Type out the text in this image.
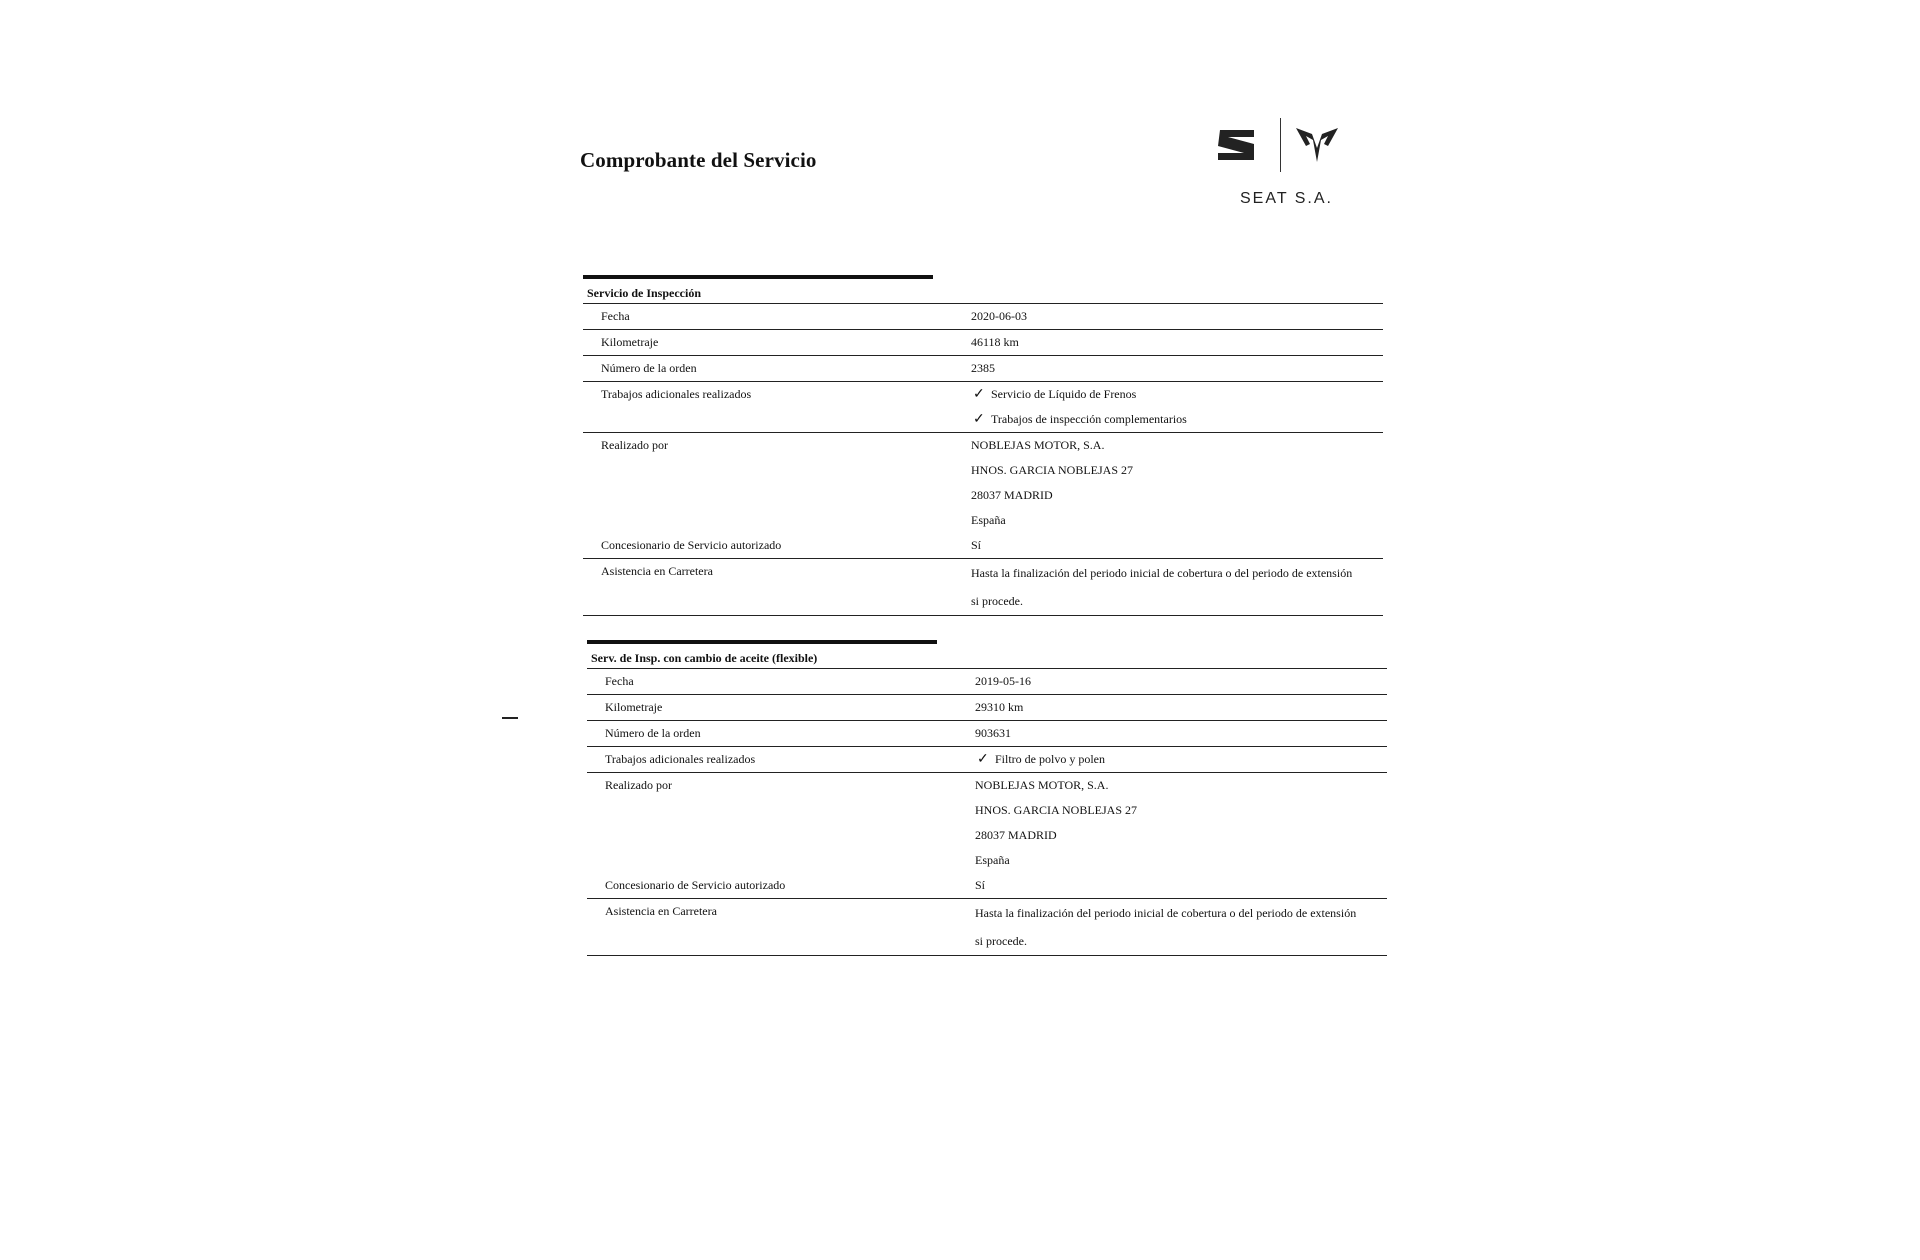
Comprobante del Servicio
SEAT S.A.
Servicio de Inspección
Fecha	2020-06-03
Kilometraje	46118 km
Número de la orden	2385
Trabajos adicionales realizados	✓ Servicio de Líquido de Frenos
✓ Trabajos de inspección complementarios
Realizado por	NOBLEJAS MOTOR, S.A.
HNOS. GARCIA NOBLEJAS 27
28037 MADRID
España
Concesionario de Servicio autorizado	Sí
Asistencia en Carretera	Hasta la finalización del periodo inicial de cobertura o del periodo de extensión
si procede.
Serv. de Insp. con cambio de aceite (flexible)
Fecha	2019-05-16
Kilometraje	29310 km
Número de la orden	903631
Trabajos adicionales realizados	✓ Filtro de polvo y polen
Realizado por	NOBLEJAS MOTOR, S.A.
HNOS. GARCIA NOBLEJAS 27
28037 MADRID
España
Concesionario de Servicio autorizado	Sí
Asistencia en Carretera	Hasta la finalización del periodo inicial de cobertura o del periodo de extensión
si procede.
